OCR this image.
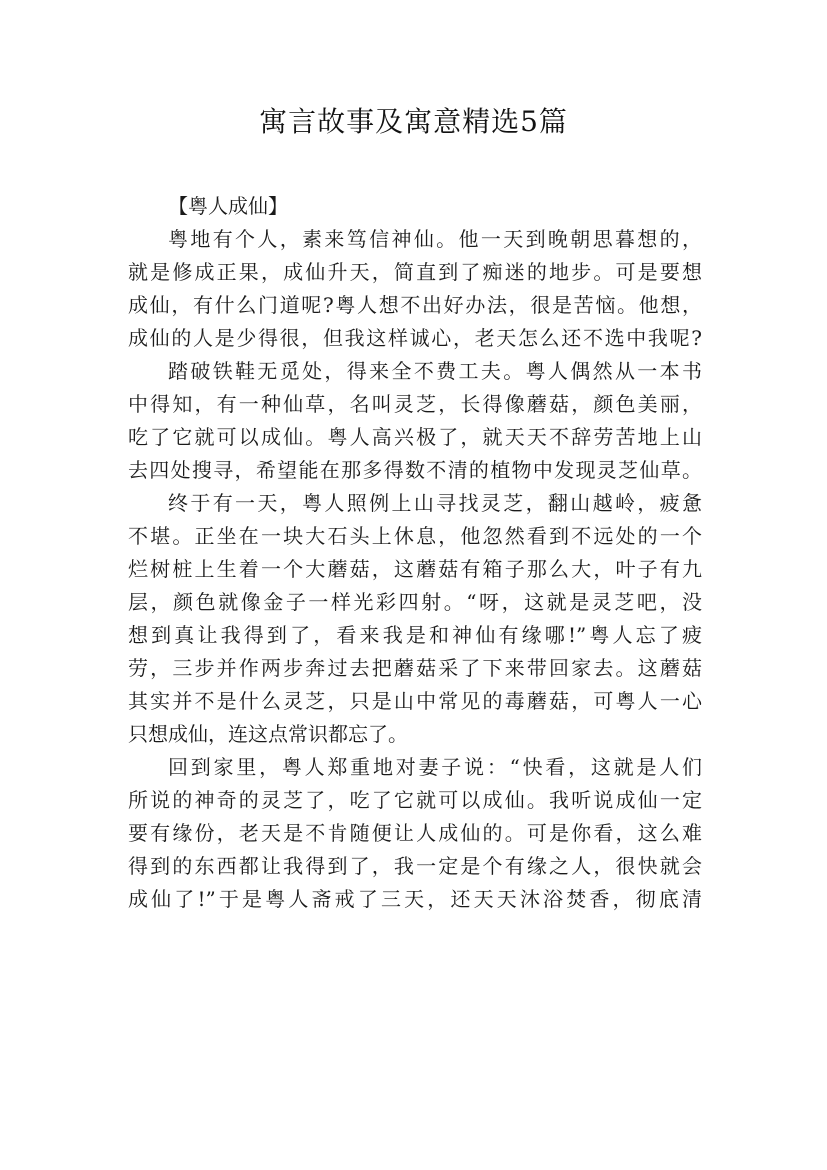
寓言故事及寓意精选5篇
【粤人成仙】
粤地有个人，素来笃信神仙。他一天到晚朝思暮想的，
就是修成正果，成仙升天，简直到了痴迷的地步。可是要想
成仙，有什么门道呢?粤人想不出好办法，很是苦恼。他想，
成仙的人是少得很，但我这样诚心，老天怎么还不选中我呢?
踏破铁鞋无觅处，得来全不费工夫。粤人偶然从一本书
中得知，有一种仙草，名叫灵芝，长得像蘑菇，颜色美丽，
吃了它就可以成仙。粤人高兴极了，就天天不辞劳苦地上山
去四处搜寻，希望能在那多得数不清的植物中发现灵芝仙草。
终于有一天，粤人照例上山寻找灵芝，翻山越岭，疲惫
不堪。正坐在一块大石头上休息，他忽然看到不远处的一个
烂树桩上生着一个大蘑菇，这蘑菇有箱子那么大，叶子有九
层，颜色就像金子一样光彩四射。“呀，这就是灵芝吧，没
想到真让我得到了，看来我是和神仙有缘哪!”粤人忘了疲
劳，三步并作两步奔过去把蘑菇采了下来带回家去。这蘑菇
其实并不是什么灵芝，只是山中常见的毒蘑菇，可粤人一心
只想成仙，连这点常识都忘了。
回到家里，粤人郑重地对妻子说：“快看，这就是人们
所说的神奇的灵芝了，吃了它就可以成仙。我听说成仙一定
要有缘份，老天是不肯随便让人成仙的。可是你看，这么难
得到的东西都让我得到了，我一定是个有缘之人，很快就会
成仙了!”于是粤人斋戒了三天，还天天沐浴焚香，彻底清
